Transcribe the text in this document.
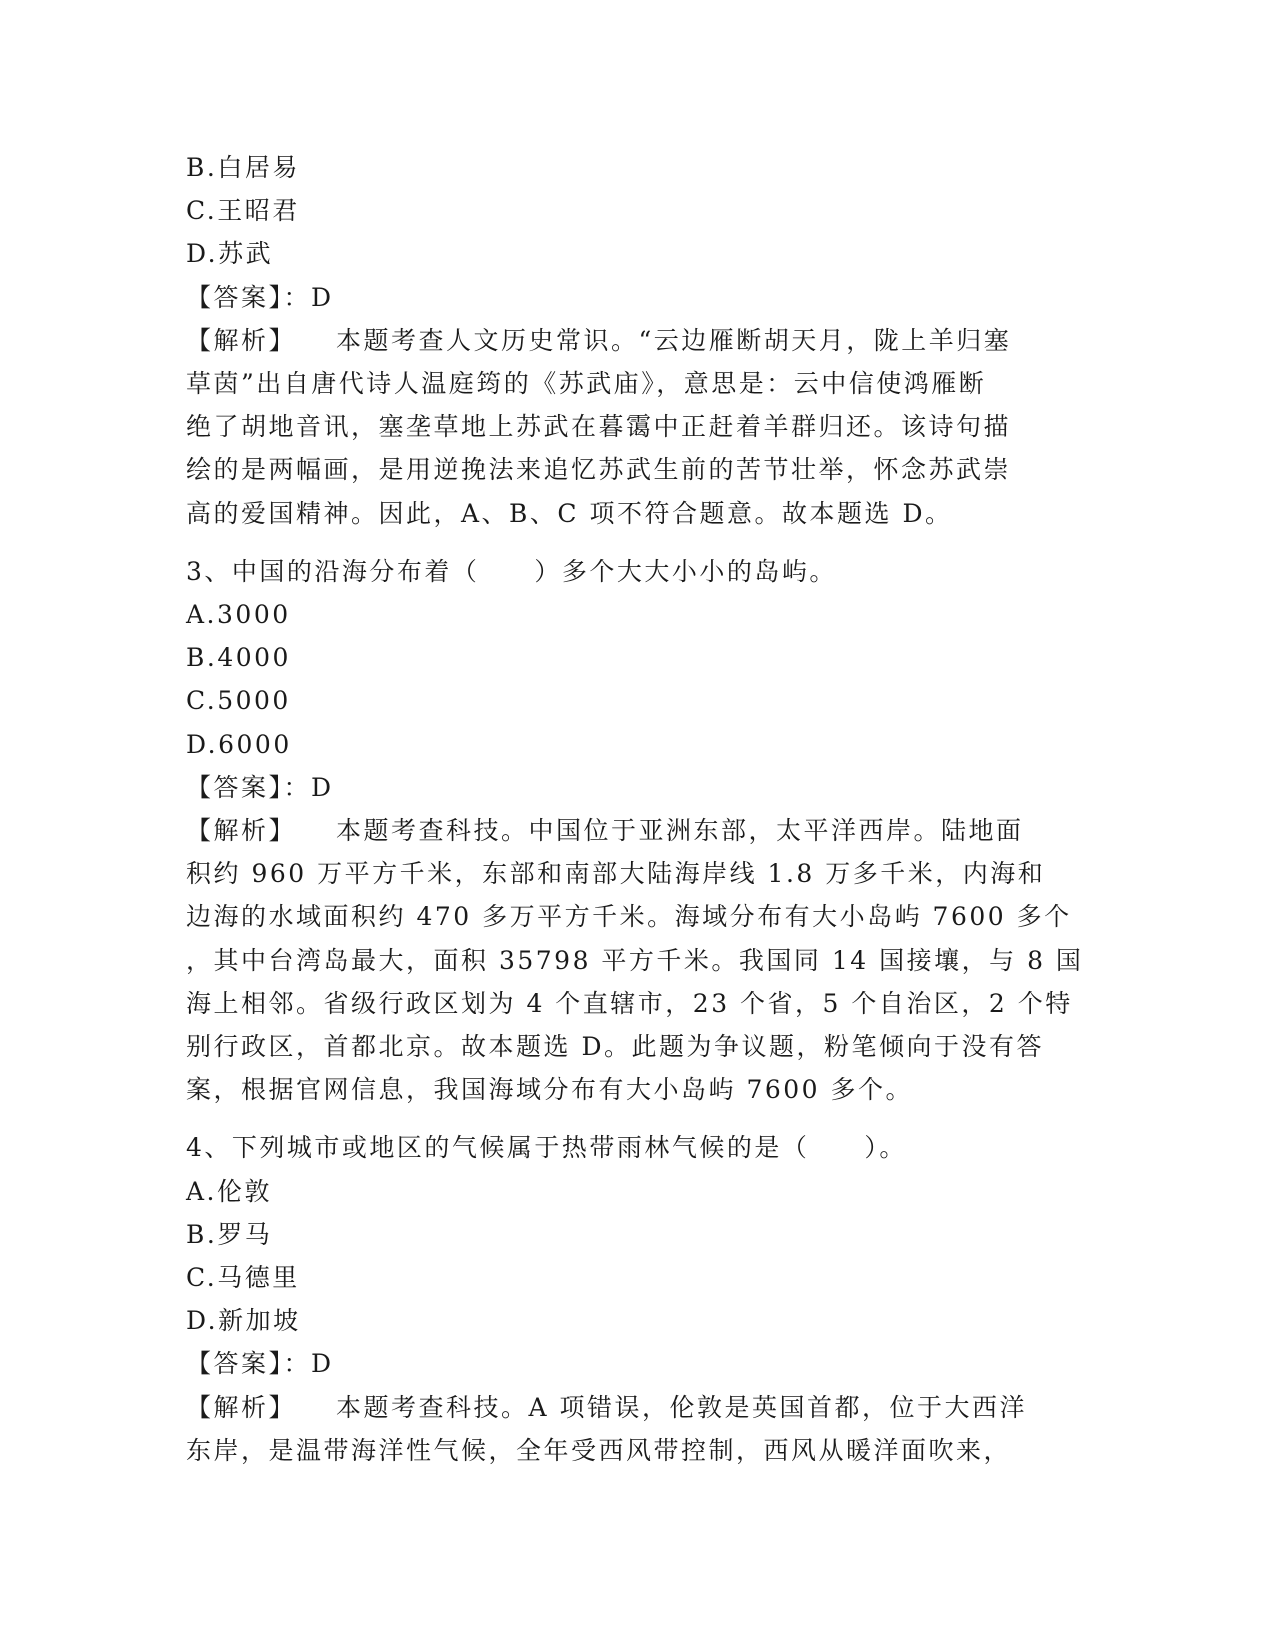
B.白居易
C.王昭君
D.苏武
【答案】：D
【解析】 本题考查人文历史常识。“云边雁断胡天月，陇上羊归塞
草茵”出自唐代诗人温庭筠的《苏武庙》，意思是：云中信使鸿雁断
绝了胡地音讯，塞垄草地上苏武在暮霭中正赶着羊群归还。该诗句描
绘的是两幅画，是用逆挽法来追忆苏武生前的苦节壮举，怀念苏武崇
高的爱国精神。因此，A、B、C 项不符合题意。故本题选 D。
3、中国的沿海分布着（　　）多个大大小小的岛屿。
A.3000
B.4000
C.5000
D.6000
【答案】：D
【解析】 本题考查科技。中国位于亚洲东部，太平洋西岸。陆地面
积约 960 万平方千米，东部和南部大陆海岸线 1.8 万多千米，内海和
边海的水域面积约 470 多万平方千米。海域分布有大小岛屿 7600 多个
，其中台湾岛最大，面积 35798 平方千米。我国同 14 国接壤，与 8 国
海上相邻。省级行政区划为 4 个直辖市，23 个省，5 个自治区，2 个特
别行政区，首都北京。故本题选 D。此题为争议题，粉笔倾向于没有答
案，根据官网信息，我国海域分布有大小岛屿 7600 多个。
4、下列城市或地区的气候属于热带雨林气候的是（　　）。
A.伦敦
B.罗马
C.马德里
D.新加坡
【答案】：D
【解析】 本题考查科技。A 项错误，伦敦是英国首都，位于大西洋
东岸，是温带海洋性气候，全年受西风带控制，西风从暖洋面吹来，
